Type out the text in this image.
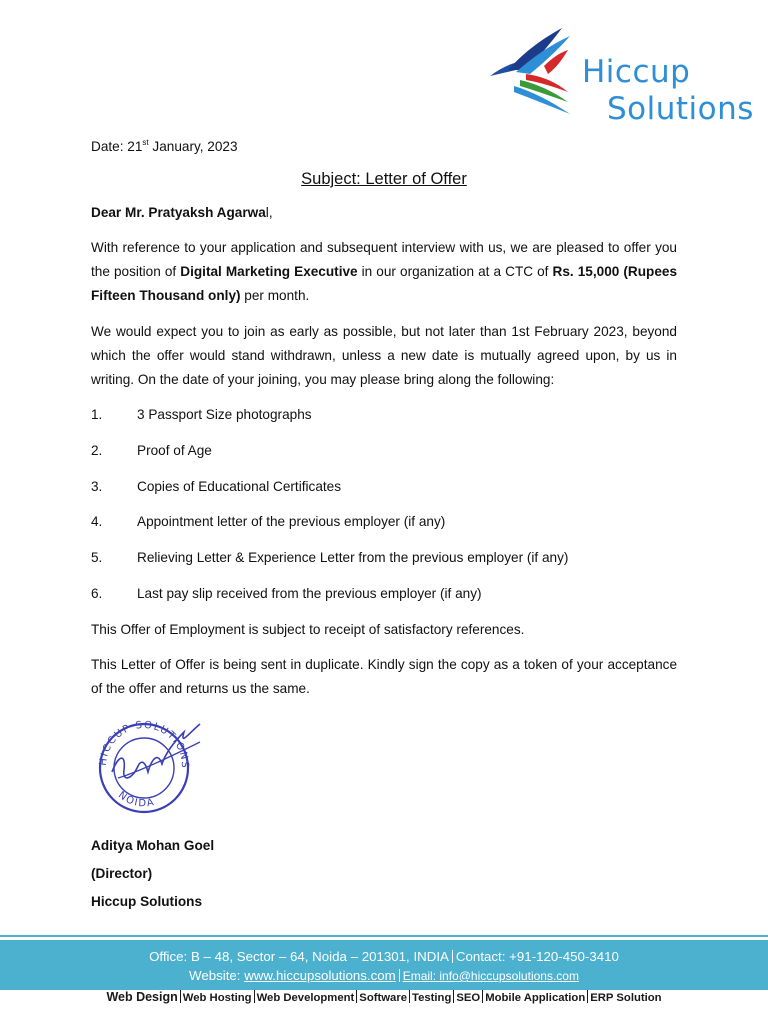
Hiccup
Solutions
Date: 21st January, 2023
Subject: Letter of Offer
Dear Mr. Pratyaksh Agarwal,
With reference to your application and subsequent interview with us, we are pleased to offer you the position of Digital Marketing Executive in our organization at a CTC of Rs. 15,000 (Rupees Fifteen Thousand only) per month.
We would expect you to join as early as possible, but not later than 1st February 2023, beyond which the offer would stand withdrawn, unless a new date is mutually agreed upon, by us in writing. On the date of your joining, you may please bring along the following:
1.	3 Passport Size photographs
2.	Proof of Age
3.	Copies of Educational Certificates
4.	Appointment letter of the previous employer (if any)
5.	Relieving Letter & Experience Letter from the previous employer (if any)
6.	Last pay slip received from the previous employer (if any)
This Offer of Employment is subject to receipt of satisfactory references.
This Letter of Offer is being sent in duplicate. Kindly sign the copy as a token of your acceptance of the offer and returns us the same.
HICCUP SOLUTIONS
NOIDA
Aditya Mohan Goel
(Director)
Hiccup Solutions
Office: B – 48, Sector – 64, Noida – 201301, INDIA Contact: +91-120-450-3410
Website: www.hiccupsolutions.com Email: info@hiccupsolutions.com
Web Design Web Hosting Web Development Software Testing SEO Mobile Application ERP Solution
